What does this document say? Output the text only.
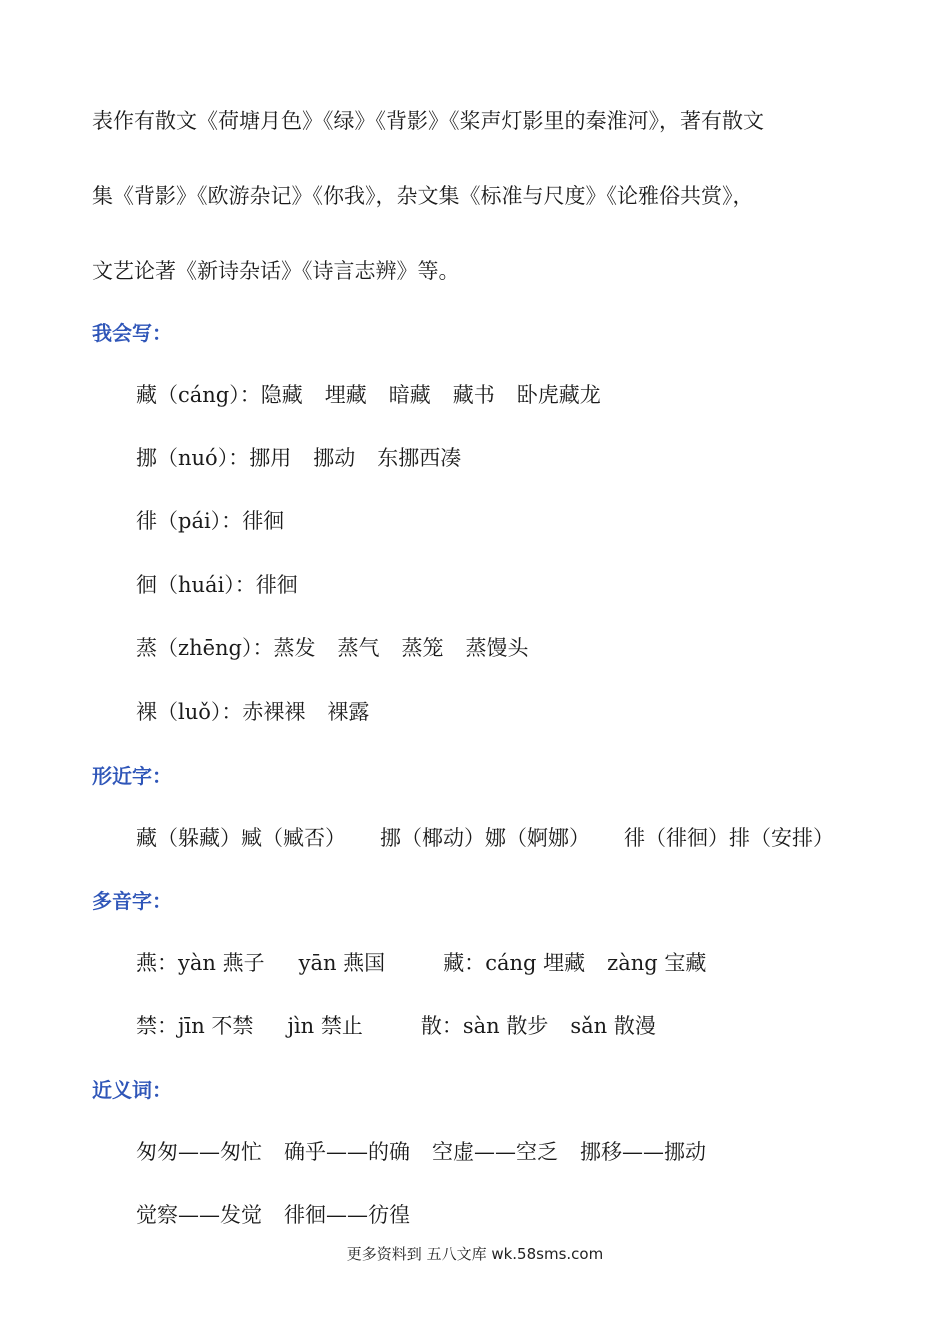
表作有散文《荷塘月色》《绿》《背影》《桨声灯影里的秦淮河》，著有散文
集《背影》《欧游杂记》《你我》，杂文集《标准与尺度》《论雅俗共赏》，
文艺论著《新诗杂话》《诗言志辨》等。
我会写：
藏（cáng）：隐藏 埋藏 暗藏 藏书 卧虎藏龙
挪（nuó）：挪用 挪动 东挪西凑
徘（pái）：徘徊
徊（huái）：徘徊
蒸（zhēng）：蒸发 蒸气 蒸笼 蒸馒头
裸（luǒ）：赤裸裸 裸露
形近字：
藏（躲藏）臧（臧否） 挪（椰动）娜（婀娜） 徘（徘徊）排（安排）
多音字：
燕：yàn 燕子 yān 燕国	藏：cáng 埋藏 zàng 宝藏
禁：jīn 不禁 jìn 禁止	散：sàn 散步 sǎn 散漫
近义词：
匆匆——匆忙 确乎——的确 空虚——空乏 挪移——挪动
觉察——发觉 徘徊——彷徨
更多资料到 五八文库 wk.58sms.com
